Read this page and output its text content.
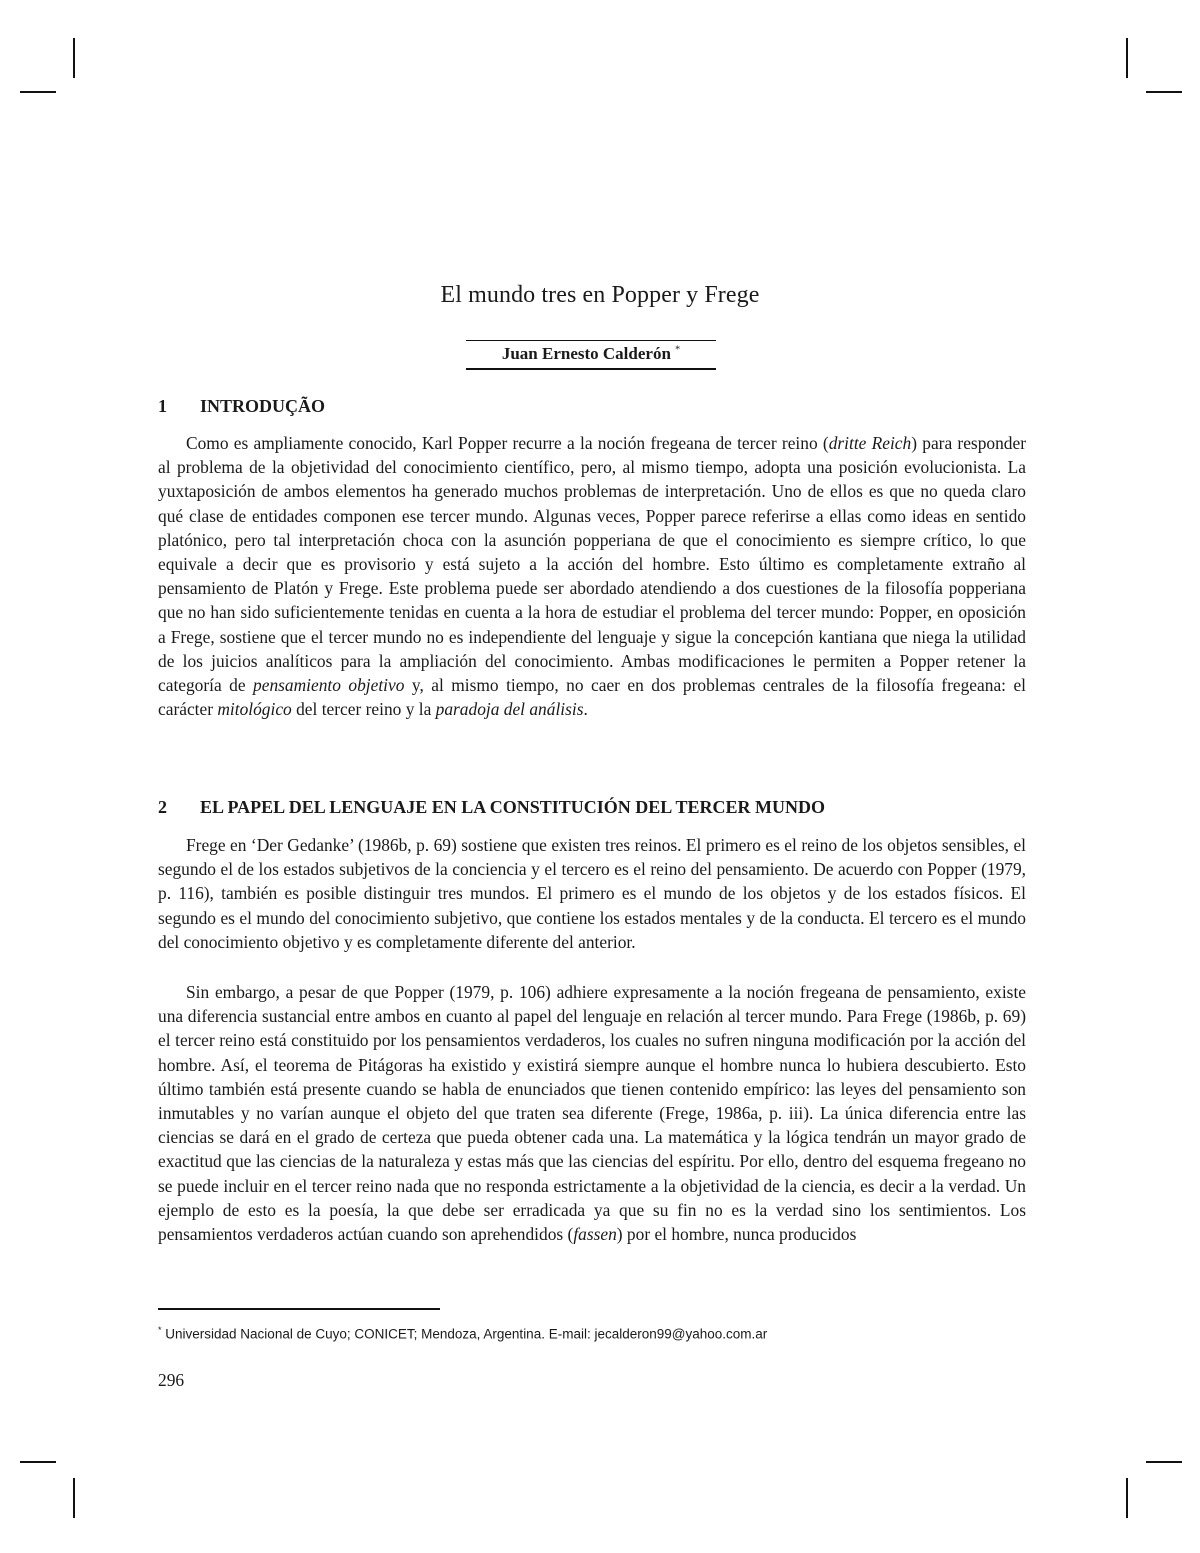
El mundo tres en Popper y Frege
Juan Ernesto Calderón *
1 INTRODUÇÃO

Como es ampliamente conocido, Karl Popper recurre a la noción fregeana de tercer reino (dritte Reich) para responder al problema de la objetividad del conocimiento científico, pero, al mismo tiempo, adopta una posición evolucionista. La yuxtaposición de ambos elementos ha generado muchos problemas de interpretación. Uno de ellos es que no queda claro qué clase de entidades componen ese tercer mundo. Algunas veces, Popper parece referirse a ellas como ideas en sentido platónico, pero tal interpretación choca con la asunción popperiana de que el conocimiento es siempre crítico, lo que equivale a decir que es provisorio y está sujeto a la acción del hombre. Esto último es completamente extraño al pensamiento de Platón y Frege. Este problema puede ser abordado atendiendo a dos cuestiones de la filosofía popperiana que no han sido suficientemente tenidas en cuenta a la hora de estudiar el problema del tercer mundo: Popper, en oposición a Frege, sostiene que el tercer mundo no es independiente del lenguaje y sigue la concepción kantiana que niega la utilidad de los juicios analíticos para la ampliación del conocimiento. Ambas modificaciones le permiten a Popper retener la categoría de pensamiento objetivo y, al mismo tiempo, no caer en dos problemas centrales de la filosofía fregeana: el carácter mitológico del tercer reino y la paradoja del análisis.

2 EL PAPEL DEL LENGUAJE EN LA CONSTITUCIÓN DEL TERCER MUNDO

Frege en ‘Der Gedanke’ (1986b, p. 69) sostiene que existen tres reinos. El primero es el reino de los objetos sensibles, el segundo el de los estados subjetivos de la conciencia y el tercero es el reino del pensamiento. De acuerdo con Popper (1979, p. 116), también es posible distinguir tres mundos. El primero es el mundo de los objetos y de los estados físicos. El segundo es el mundo del conocimiento subjetivo, que contiene los estados mentales y de la conducta. El tercero es el mundo del conocimiento objetivo y es completamente diferente del anterior.

Sin embargo, a pesar de que Popper (1979, p. 106) adhiere expresamente a la noción fregeana de pensamiento, existe una diferencia sustancial entre ambos en cuanto al papel del lenguaje en relación al tercer mundo. Para Frege (1986b, p. 69) el tercer reino está constituido por los pensamientos verdaderos, los cuales no sufren ninguna modificación por la acción del hombre. Así, el teorema de Pitágoras ha existido y existirá siempre aunque el hombre nunca lo hubiera descubierto. Esto último también está presente cuando se habla de enunciados que tienen contenido empírico: las leyes del pensamiento son inmutables y no varían aunque el objeto del que traten sea diferente (Frege, 1986a, p. iii). La única diferencia entre las ciencias se dará en el grado de certeza que pueda obtener cada una. La matemática y la lógica tendrán un mayor grado de exactitud que las ciencias de la naturaleza y estas más que las ciencias del espíritu. Por ello, dentro del esquema fregeano no se puede incluir en el tercer reino nada que no responda estrictamente a la objetividad de la ciencia, es decir a la verdad. Un ejemplo de esto es la poesía, la que debe ser erradicada ya que su fin no es la verdad sino los sentimientos. Los pensamientos verdaderos actúan cuando son aprehendidos (fassen) por el hombre, nunca producidos

* Universidad Nacional de Cuyo; CONICET; Mendoza, Argentina. E-mail: jecalderon99@yahoo.com.ar
296
